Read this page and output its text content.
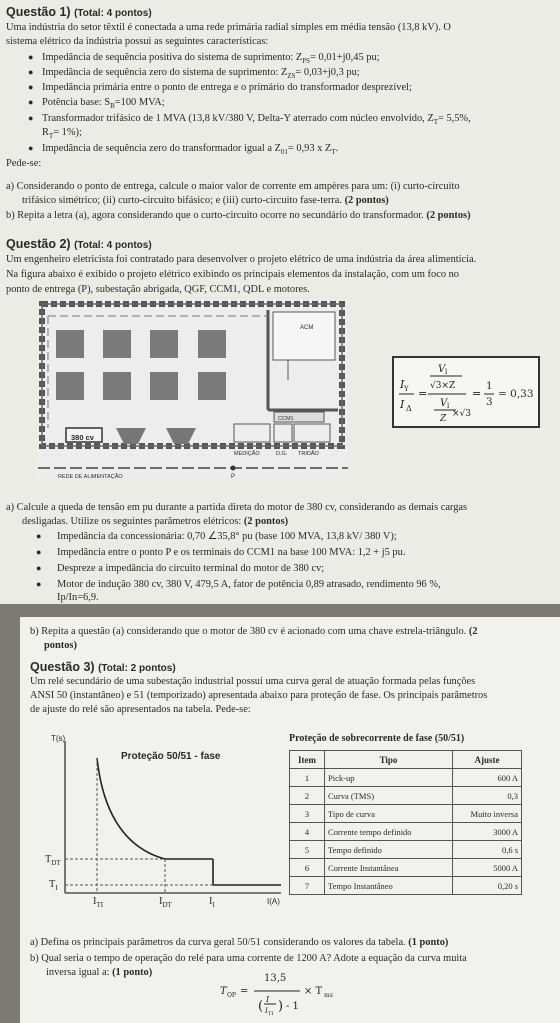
Questão 1) (Total: 4 pontos)
Uma indústria do setor têxtil é conectada a uma rede primária radial simples em média tensão (13,8 kV). O
sistema elétrico da indústria possui as seguintes características:
● Impedância de sequência positiva do sistema de suprimento: $Z_{PS}= 0,01+j0,45$ pu;
● Impedância de sequência zero do sistema de suprimento: $Z_{ZS}= 0,03+j0,3$ pu;
● Impedância primária entre o ponto de entrega e o primário do transformador desprezível;
● Potência base: $S_B=100$ MVA;
● Transformador trifásico de 1 MVA (13,8 kV/380 V, Delta-Y aterrado com núcleo envolvido, $Z_T= 5,5\%$,
$R_T= 1\%$);
● Impedância de sequência zero do transformador igual a $Z_{01}= 0,93$ x $Z_T$.
Pede-se:
a) Considerando o ponto de entrega, calcule o maior valor de corrente em ampères para um: (i) curto-circuito
trifásico simétrico; (ii) curto-circuito bifásico; e (iii) curto-circuito fase-terra. (2 pontos)
b) Repita a letra (a), agora considerando que o curto-circuito ocorre no secundário do transformador. (2 pontos)
Questão 2) (Total: 4 pontos)
Um engenheiro eletricista foi contratado para desenvolver o projeto elétrico de uma indústria da área alimentícia.
Na figura abaixo é exibido o projeto elétrico exibindo os principais elementos da instalação, com um foco no
ponto de entrega (P), subestação abrigada, QGF, CCM1, QDL e motores.
ACM
380 cv
MEDIÇÃO	D.G. TRIDÃO
CCM1
REDE DE ALIMENTAÇÃO	P
I Y
I Δ
=
V l
√3×Z
V l
Z ×√3
=
1
3
= 0,33
a) Calcule a queda de tensão em pu durante a partida direta do motor de 380 cv, considerando as demais cargas
desligadas. Utilize os seguintes parâmetros elétricos: (2 pontos)
● Impedância da concessionária: 0,70 ∠35,8° pu (base 100 MVA, 13,8 kV/ 380 V);
● Impedância entre o ponto P e os terminais do CCM1 na base 100 MVA: 1,2 + j5 pu.
● Despreze a impedância do circuito terminal do motor de 380 cv;
● Motor de indução 380 cv, 380 V, 479,5 A, fator de potência 0,89 atrasado, rendimento 96 %,
Ip/In=6,9.
b) Repita a questão (a) considerando que o motor de 380 cv é acionado com uma chave estrela-triângulo. (2
pontos)
Questão 3) (Total: 2 pontos)
Um relé secundário de uma subestação industrial possui uma curva geral de atuação formada pelas funções
ANSI 50 (instantâneo) e 51 (temporizado) apresentada abaixo para proteção de fase. Os principais parâmetros
de ajuste do relé são apresentados na tabela. Pede-se:
T(s)
Proteção 50/51 - fase
$T_{DT}$
$T_I$
$I_{TI}$	$I_{DT}$	$I_I$	I(A)
Proteção de sobrecorrente de fase (50/51)
Item	Tipo	Ajuste
1	Pick-up	600 A
2	Curva (TMS)	0,3
3	Tipo de curva	Muito inversa
4	Corrente tempo definido	3000 A
5	Tempo definido	0,6 s
6	Corrente Instantânea	5000 A
7	Tempo Instantâneo	0,20 s
a) Defina os principais parâmetros da curva geral 50/51 considerando os valores da tabela. (1 ponto)
b) Qual seria o tempo de operação do relé para uma corrente de 1200 A? Adote a equação da curva muita
inversa igual a: (1 ponto)
T OP =
( I
I TI ) - 1
× T ms
13,5
